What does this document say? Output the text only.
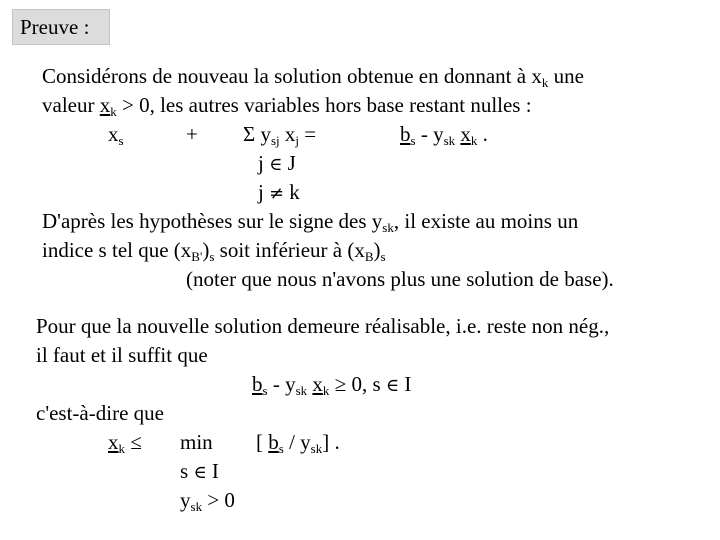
Preuve :
Considérons de nouveau la solution obtenue en donnant à $x_k$ une
valeur $x_k > 0$, les autres variables hors base restant nulles :
$x_s$	+ Σ $y_{sj}$ $x_j$ =	$b_s - y_{sk}$ $x_k$ .
j ∈ J
j ≠ k
D'après les hypothèses sur le signe des $y_{sk}$, il existe au moins un
indice s tel que $(x_{B'})_s$ soit inférieur à $(x_B)_s$
(noter que nous n'avons plus une solution de base).
Pour que la nouvelle solution demeure réalisable, i.e. reste non nég.,
il faut et il suffit que
$b_s - y_{sk}$ $x_k \ge 0$, s ∈ I
c'est-à-dire que
$x_k \le \min$ [ $b_s / y_{sk}$] .
s ∈ I
$y_{sk} > 0$
